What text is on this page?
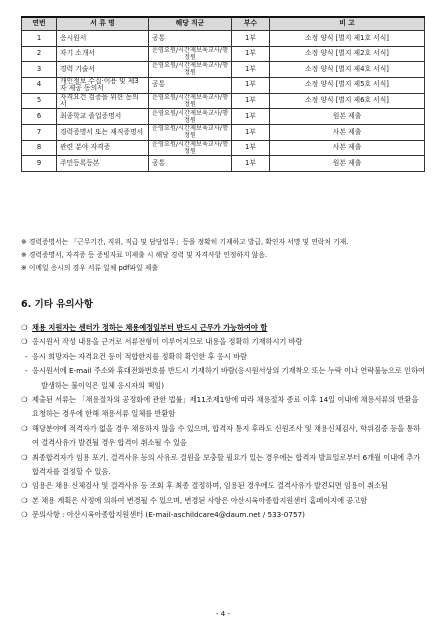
연번	서 류 명	해당 직군	부수	비 고
1	응시원서	공통	1부	소정 양식 [별지 제1호 서식]
2	자기 소개서	운영요원/시간제보육교사/행정원	1부	소정 양식 [별지 제2호 서식]
3	경력 기술서	운영요원/시간제보육교사/행정원	1부	소정 양식 [별지 제4호 서식]
4	개인정보 수집·이용 및 제3자 제공 동의서	공통	1부	소정 양식 [별지 제5호 서식]
5	자격요건 검증을 위한 동의서	운영요원/시간제보육교사/행정원	1부	소정 양식 [별지 제6호 서식]
6	최종학교 졸업증명서	운영요원/시간제보육교사/행정원	1부	원본 제출
7	경력증명서 또는 재직증명서	운영요원/시간제보육교사/행정원	1부	사본 제출
8	관련 분야 자격증	운영요원/시간제보육교사/행정원	1부	사본 제출
9	주민등록등본	공통	1부	원본 제출
※ 경력증명서는 「근무기간, 직위, 직급 및 담당업무」등을 정확히 기재하고 발급, 확인자 서명 및 연락처 기재.
※ 경력증명서, 자격증 등 증빙자료 미제출 시 해당 경력 및 자격사항 인정하지 않음.
※ 이메일 응시의 경우 서류 일체 pdf파일 제출
6. 기타 유의사항
❍ 채용 지원자는 센터가 정하는 채용예정일부터 반드시 근무가 가능하여야 함
❍ 응시원서 작성 내용을 근거로 서류전형이 이루어지므로 내용을 정확히 기재하시기 바람
- 응시 희망자는 자격요건 등이 적합한지를 정확히 확인한 후 응시 바람
- 응시원서에 E-mail 주소와 휴대전화번호를 반드시 기재하기 바람(응시원서상의 기재착오 또는 누락 이나 연락불능으로 인하여 발생하는 불이익은 일체 응시자의 책임)
❍ 제출된 서류는 「채용절차의 공정화에 관한 법률」제11조제1항에 따라 채용절차 종료 이후 14일 이내에 채용서류의 반환을 요청하는 경우에 한해 채용서류 일체를 반환함
❍ 해당분야에 적격자가 없을 경우 채용하지 않을 수 있으며, 합격자 통지 후라도 신원조사 및 채용신체검사, 학위검증 등을 통하여 결격사유가 발견될 경우 합격이 취소될 수 있음
❍ 최종합격자가 임용 포기, 결격사유 등의 사유로 결원을 보충할 필요가 있는 경우에는 합격자 발표일로부터 6개월 이내에 추가합격자를 결정할 수 있음.
❍ 임용은 채용 신체검사 및 결격사유 등 조회 후 최종 결정하며, 임용된 경우에도 결격사유가 발견되면 임용이 취소됨
❍ 본 채용 계획은 사정에 의하여 변경될 수 있으며, 변경된 사항은 아산시육아종합지원센터 홈페이지에 공고함
❍ 문의사항 : 아산시육아종합지원센터 (E-mail-aschildcare4@daum.net / 533-0757)
- 4 -
